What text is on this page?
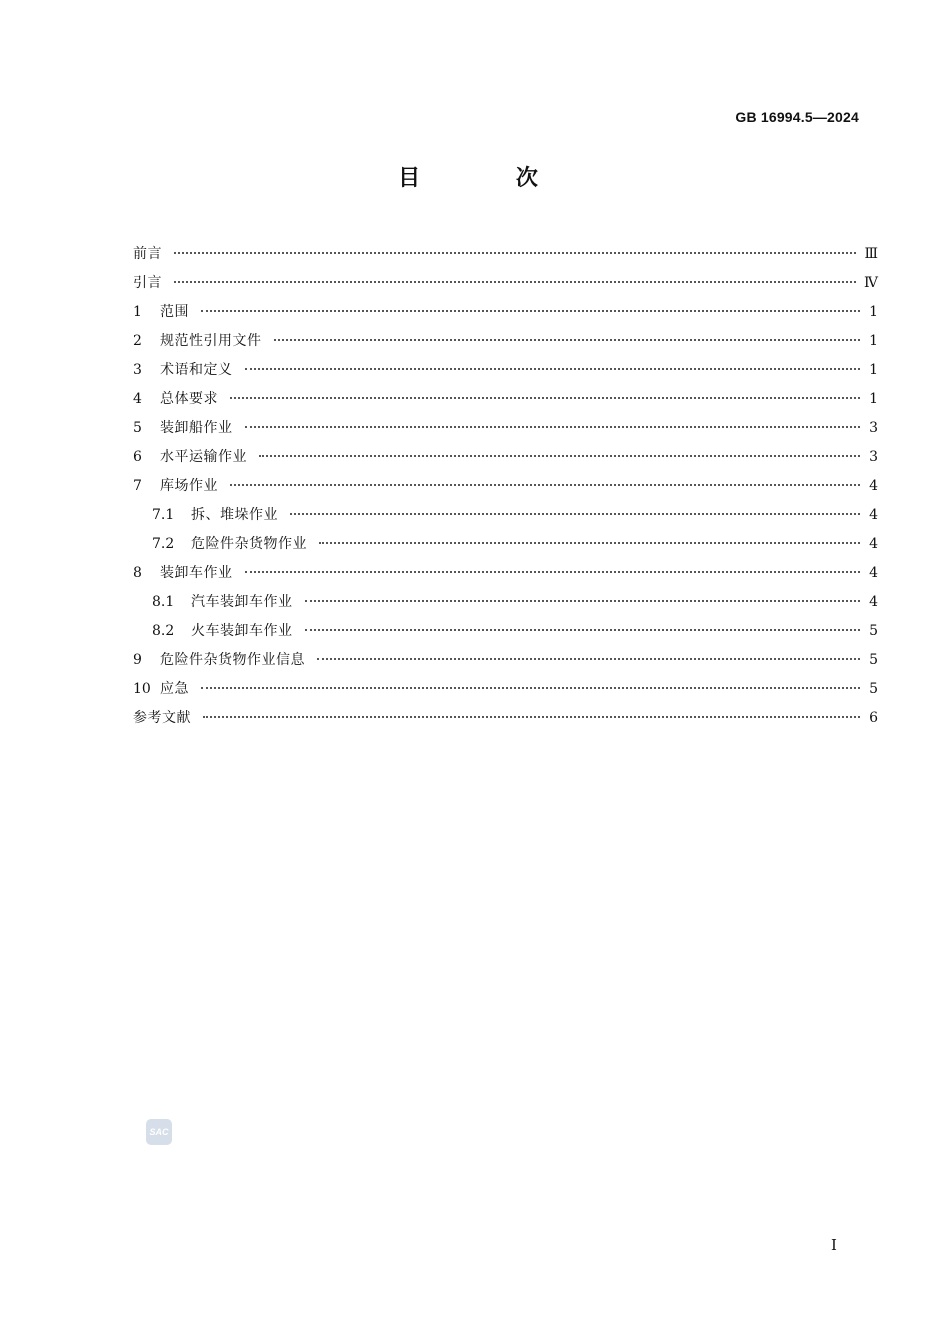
GB 16994.5—2024
目 次
前言	Ⅲ
引言	Ⅳ
1	范围	1
2	规范性引用文件	1
3	术语和定义	1
4	总体要求	1
5	装卸船作业	3
6	水平运输作业	3
7	库场作业	4
7.1	拆、堆垛作业	4
7.2	危险件杂货物作业	4
8	装卸车作业	4
8.1	汽车装卸车作业	4
8.2	火车装卸车作业	5
9	危险件杂货物作业信息	5
10 应急	5
参考文献	6
SAC
Ⅰ
